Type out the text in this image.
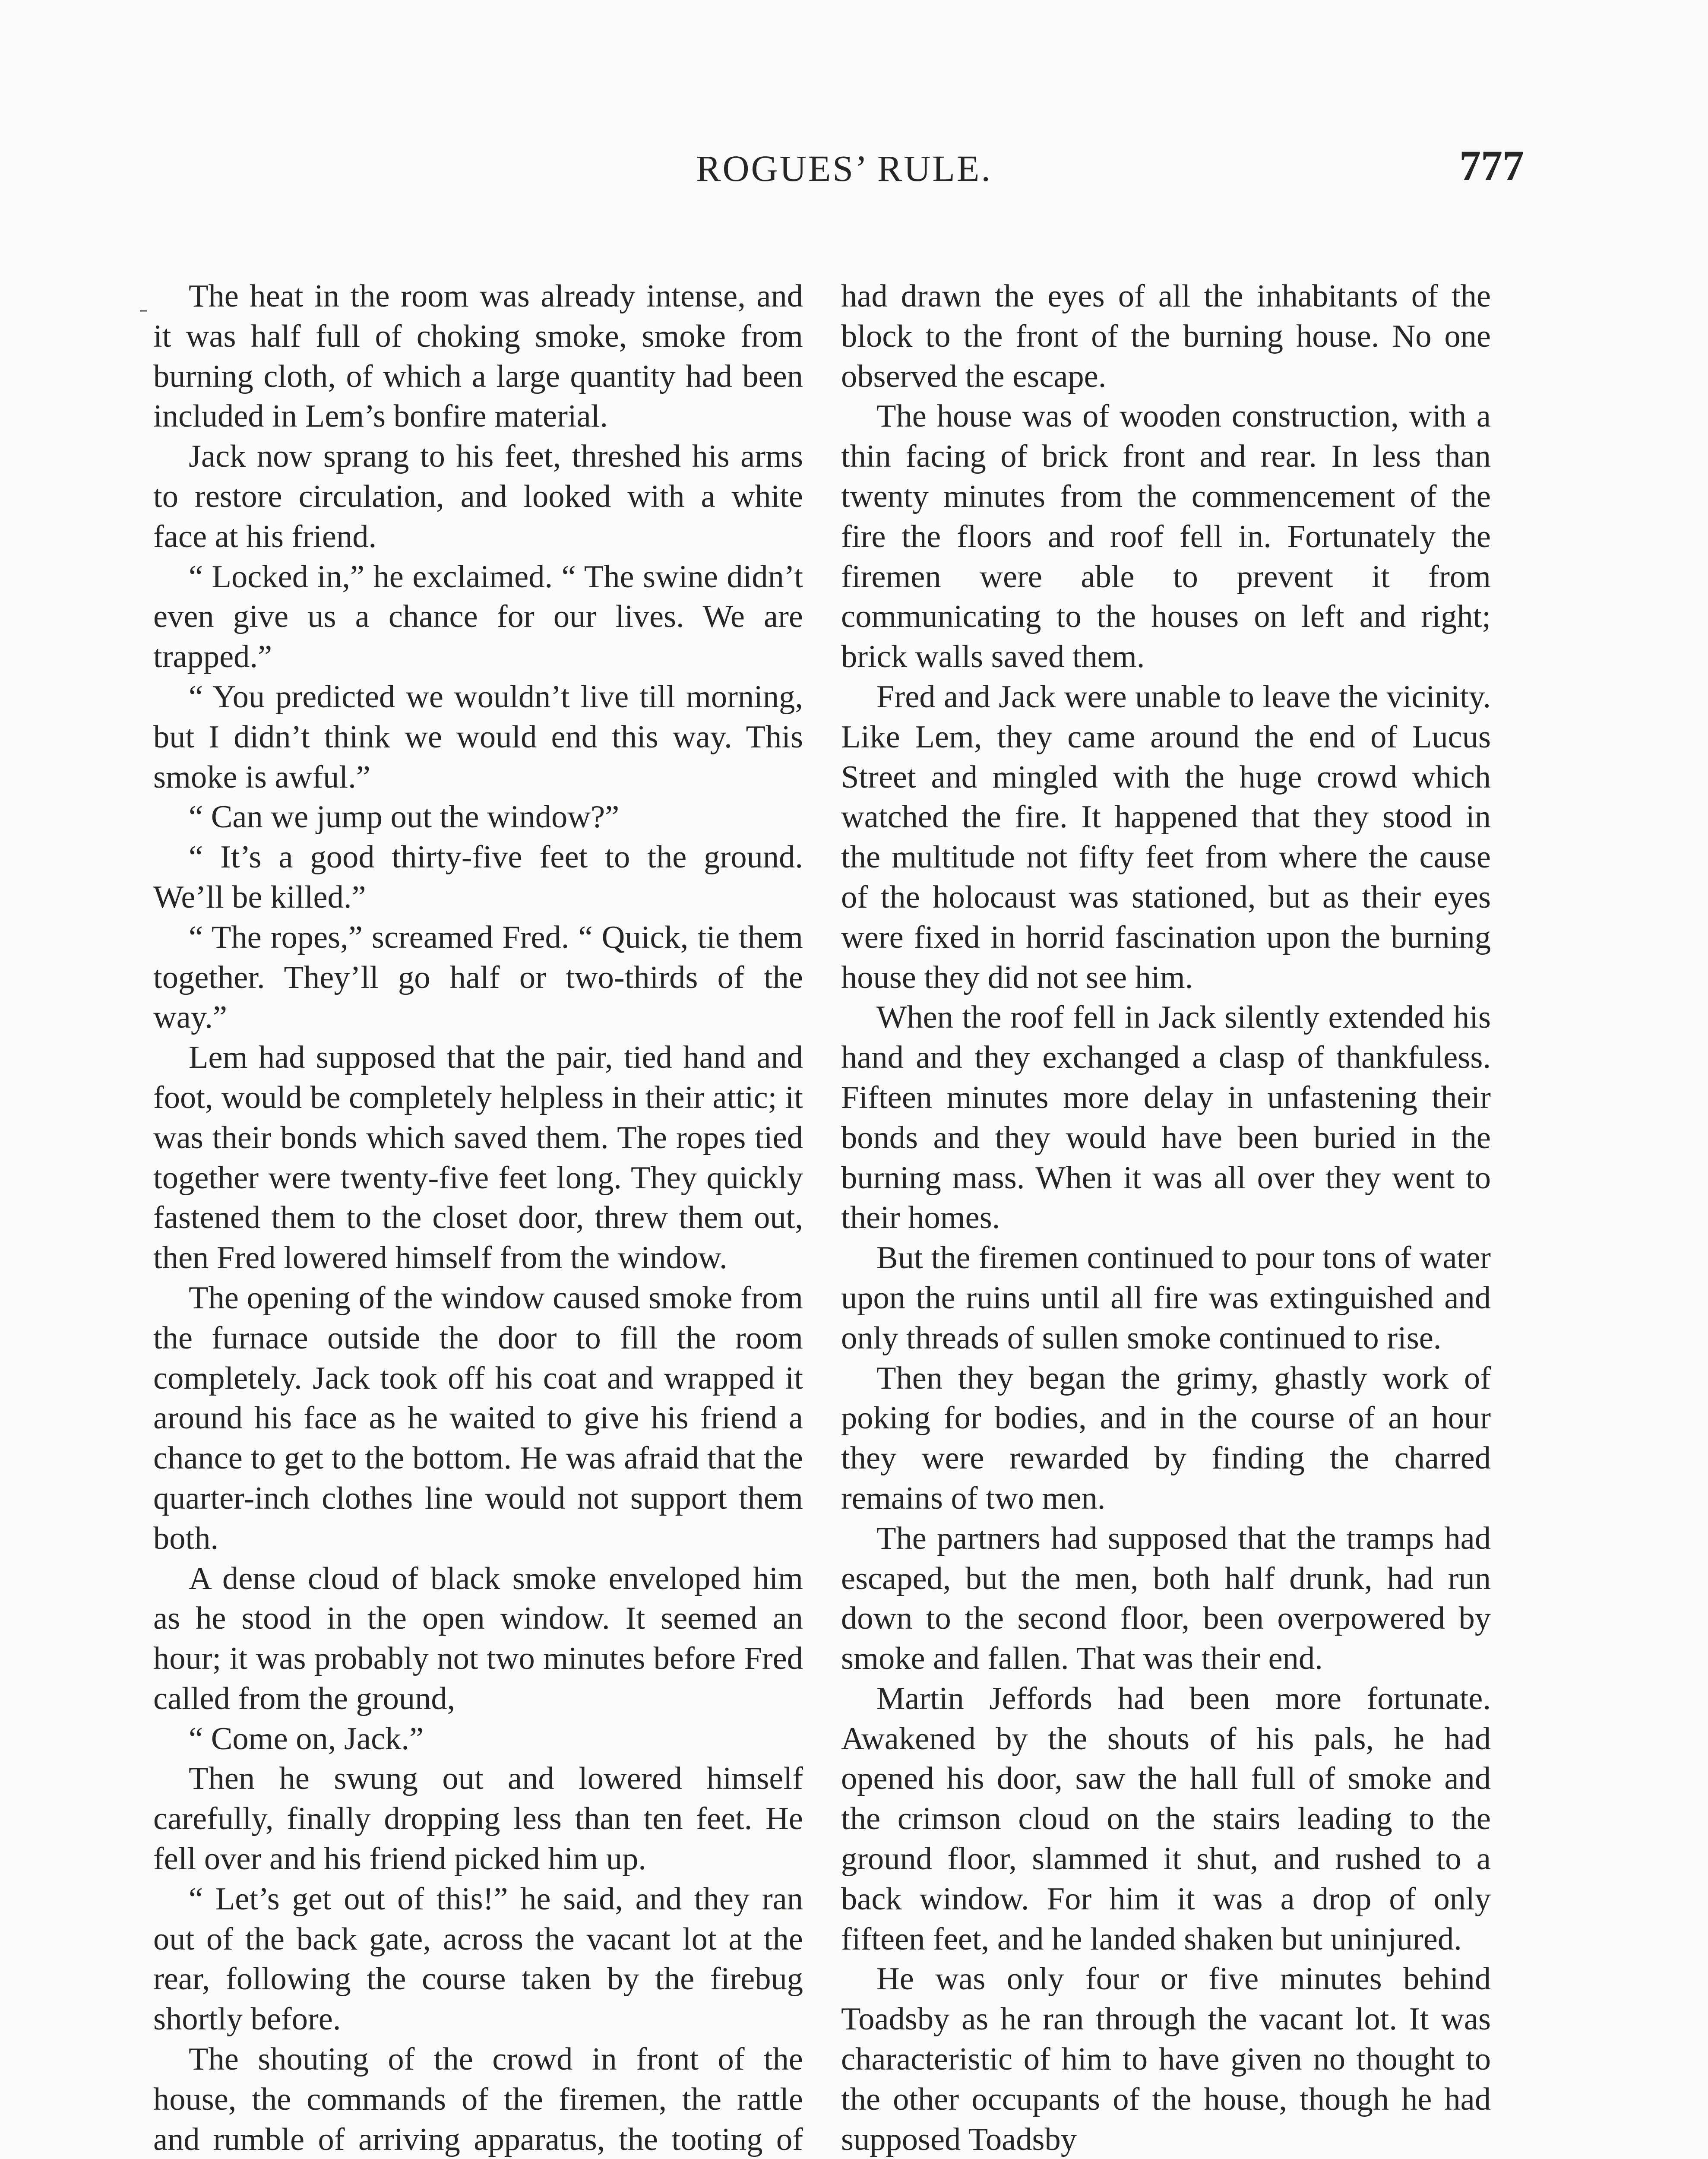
ROGUES’ RULE.	777

The heat in the room was already intense, and it was half full of choking smoke, smoke from burning cloth, of which a large quantity had been included in Lem’s bonfire material.

Jack now sprang to his feet, threshed his arms to restore circulation, and looked with a white face at his friend.

“ Locked in,” he exclaimed. “ The swine didn’t even give us a chance for our lives. We are trapped.”

“ You predicted we wouldn’t live till morning, but I didn’t think we would end this way. This smoke is awful.”

“ Can we jump out the window?”

“ It’s a good thirty-five feet to the ground. We’ll be killed.”

“ The ropes,” screamed Fred. “ Quick, tie them together. They’ll go half or two-thirds of the way.”

Lem had supposed that the pair, tied hand and foot, would be completely helpless in their attic; it was their bonds which saved them. The ropes tied together were twenty-five feet long. They quickly fastened them to the closet door, threw them out, then Fred lowered himself from the window.

The opening of the window caused smoke from the furnace outside the door to fill the room completely. Jack took off his coat and wrapped it around his face as he waited to give his friend a chance to get to the bottom. He was afraid that the quarter-inch clothes line would not support them both.

A dense cloud of black smoke enveloped him as he stood in the open window. It seemed an hour; it was probably not two minutes before Fred called from the ground,

“ Come on, Jack.”

Then he swung out and lowered himself carefully, finally dropping less than ten feet. He fell over and his friend picked him up.

“ Let’s get out of this!” he said, and they ran out of the back gate, across the vacant lot at the rear, following the course taken by the firebug shortly before.

The shouting of the crowd in front of the house, the commands of the firemen, the rattle and rumble of arriving apparatus, the tooting of

had drawn the eyes of all the inhabitants of the block to the front of the burning house. No one observed the escape.

The house was of wooden construction, with a thin facing of brick front and rear. In less than twenty minutes from the commencement of the fire the floors and roof fell in. Fortunately the firemen were able to prevent it from communicating to the houses on left and right; brick walls saved them.

Fred and Jack were unable to leave the vicinity. Like Lem, they came around the end of Lucus Street and mingled with the huge crowd which watched the fire. It happened that they stood in the multitude not fifty feet from where the cause of the holocaust was stationed, but as their eyes were fixed in horrid fascination upon the burning house they did not see him.

When the roof fell in Jack silently extended his hand and they exchanged a clasp of thankfuless. Fifteen minutes more delay in unfastening their bonds and they would have been buried in the burning mass. When it was all over they went to their homes.

But the firemen continued to pour tons of water upon the ruins until all fire was extinguished and only threads of sullen smoke continued to rise.

Then they began the grimy, ghastly work of poking for bodies, and in the course of an hour they were rewarded by finding the charred remains of two men.

The partners had supposed that the tramps had escaped, but the men, both half drunk, had run down to the second floor, been overpowered by smoke and fallen. That was their end.

Martin Jeffords had been more fortunate. Awakened by the shouts of his pals, he had opened his door, saw the hall full of smoke and the crimson cloud on the stairs leading to the ground floor, slammed it shut, and rushed to a back window. For him it was a drop of only fifteen feet, and he landed shaken but uninjured.

He was only four or five minutes behind Toadsby as he ran through the vacant lot. It was characteristic of him to have given no thought to the other occupants of the house, though he had supposed Toadsby

–
